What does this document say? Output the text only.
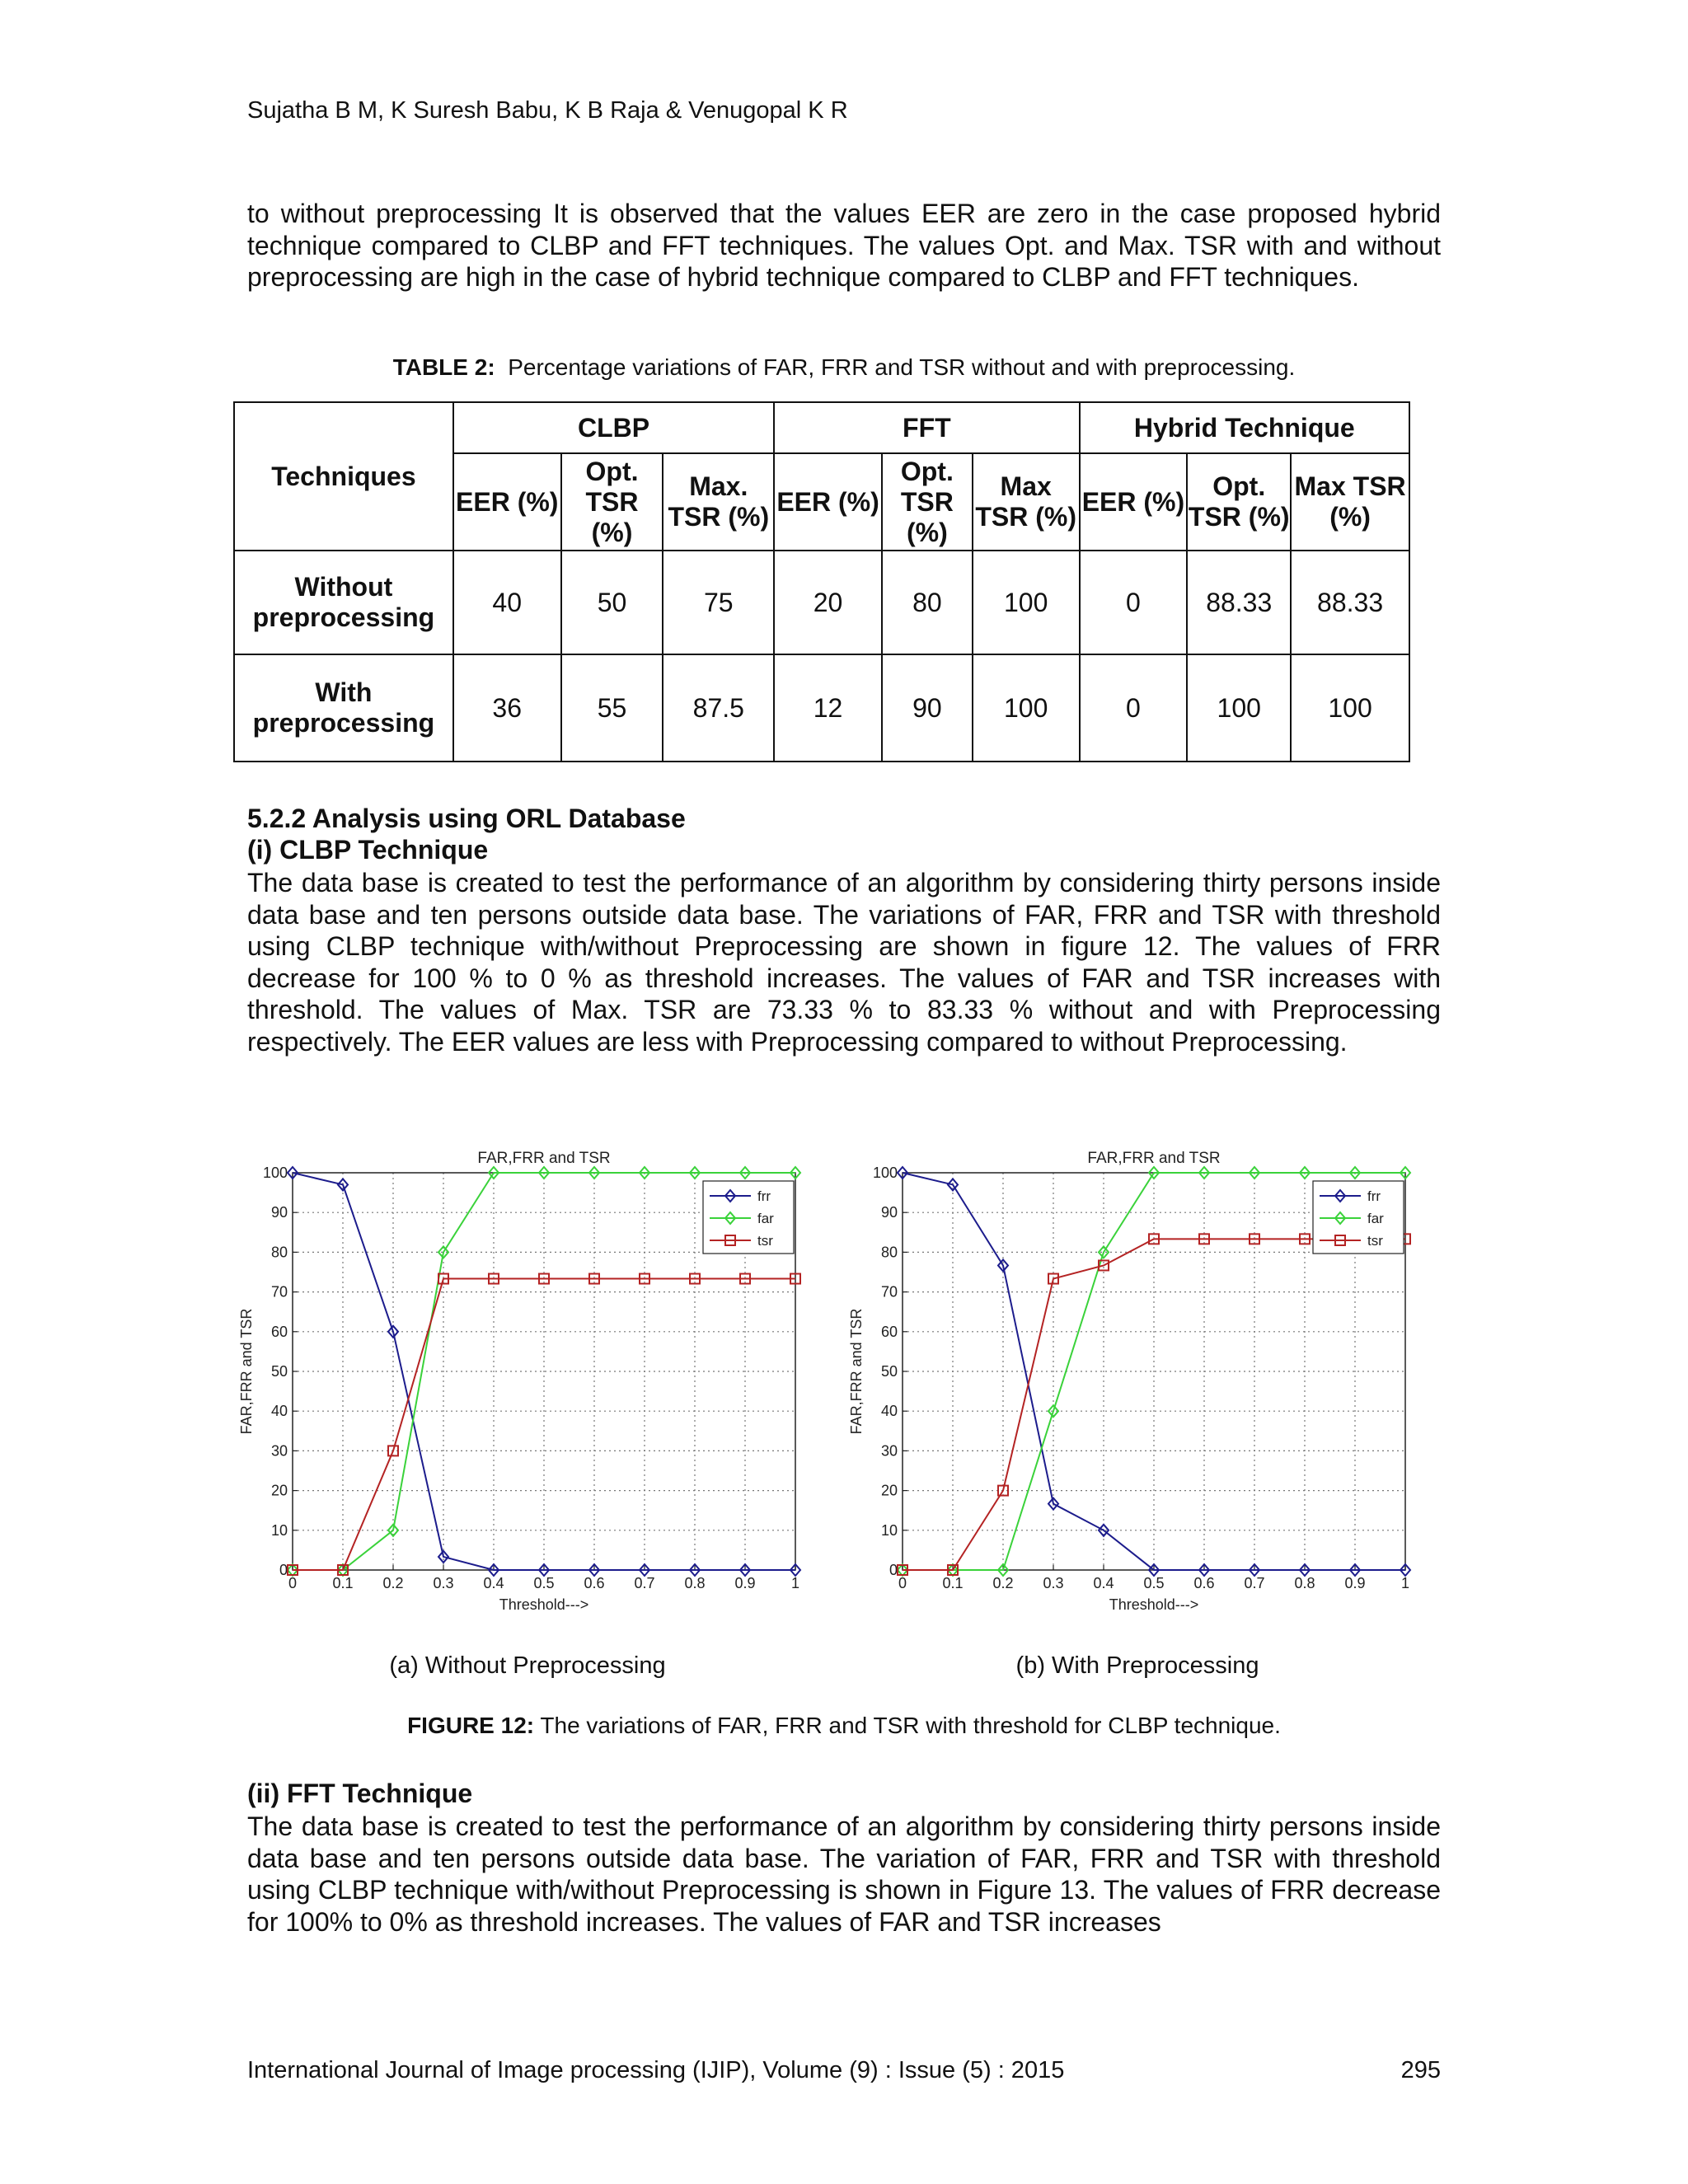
Sujatha B M, K Suresh Babu, K B Raja & Venugopal K R

to without preprocessing It is observed that the values EER are zero in the case proposed hybrid technique compared to CLBP and FFT techniques. The values Opt. and Max. TSR with and without preprocessing are high in the case of hybrid technique compared to CLBP and FFT techniques.

TABLE 2: Percentage variations of FAR, FRR and TSR without and with preprocessing.
Techniques	CLBP			FFT			Hybrid Technique		
	EER (%)	Opt. TSR (%)	Max. TSR (%)	EER (%)	Opt. TSR (%)	Max TSR (%)	EER (%)	Opt. TSR (%)	Max TSR (%)
Without preprocessing	40	50	75	20	80	100	0	88.33	88.33
With preprocessing	36	55	87.5	12	90	100	0	100	100
5.2.2 Analysis using ORL Database
(i) CLBP Technique

The data base is created to test the performance of an algorithm by considering thirty persons inside data base and ten persons outside data base. The variations of FAR, FRR and TSR with threshold using CLBP technique with/without Preprocessing are shown in figure 12. The values of FRR decrease for 100 % to 0 % as threshold increases. The values of FAR and TSR increases with threshold. The values of Max. TSR are 73.33 % to 83.33 % without and with Preprocessing respectively. The EER values are less with Preprocessing compared to without Preprocessing.

0 0.1 0.2 0.3 0.4 0.5 0.6 0.7 0.8 0.9 1
0
10
20
30
40
50
60
70
80
90
100
FAR,FRR and TSR
Threshold--->
FAR,FRR and TSR
frr
far
tsr
0 0.1 0.2 0.3 0.4 0.5 0.6 0.7 0.8 0.9 1
0
10
20
30
40
50
60
70
80
90
100
FAR,FRR and TSR
Threshold--->
FAR,FRR and TSR
frr
far
tsr
(a) Without Preprocessing	(b) With Preprocessing
FIGURE 12: The variations of FAR, FRR and TSR with threshold for CLBP technique.
(ii) FFT Technique

The data base is created to test the performance of an algorithm by considering thirty persons inside data base and ten persons outside data base. The variation of FAR, FRR and TSR with threshold using CLBP technique with/without Preprocessing is shown in Figure 13. The values of FRR decrease for 100% to 0% as threshold increases. The values of FAR and TSR increases

International Journal of Image processing (IJIP), Volume (9) : Issue (5) : 2015	295
